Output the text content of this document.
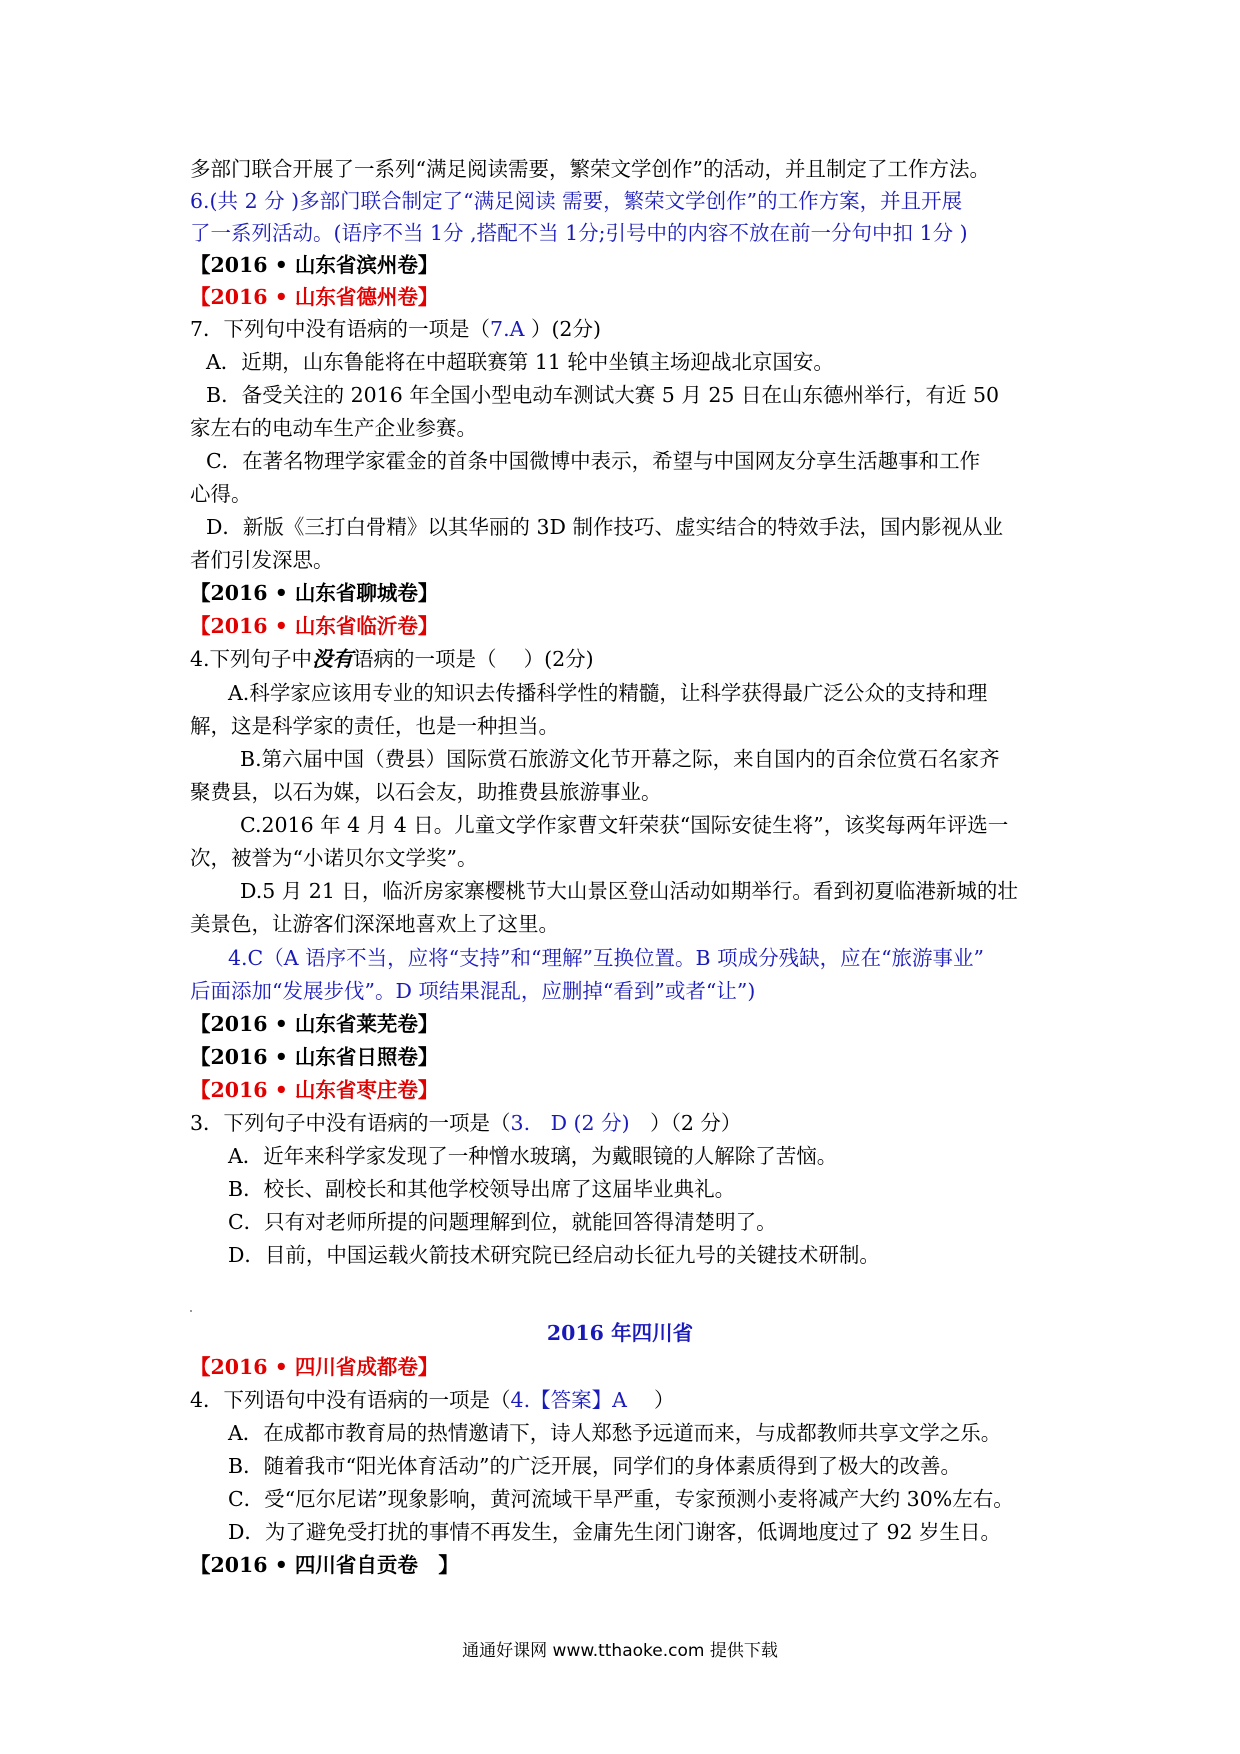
多部门联合开展了一系列“满足阅读需要，繁荣文学创作”的活动，并且制定了工作方法。
6.(共 2 分 )多部门联合制定了“满足阅读 需要，繁荣文学创作”的工作方案，并且开展
了一系列活动。(语序不当 1分 ,搭配不当 1分;引号中的内容不放在前一分句中扣 1分 )
【2016 • 山东省滨州卷】
【2016 • 山东省德州卷】
7．下列句中没有语病的一项是（7.A ）(2分)
A．近期，山东鲁能将在中超联赛第 11 轮中坐镇主场迎战北京国安。
B．备受关注的 2016 年全国小型电动车测试大赛 5 月 25 日在山东德州举行，有近 50
家左右的电动车生产企业参赛。
C．在著名物理学家霍金的首条中国微博中表示，希望与中国网友分享生活趣事和工作
心得。
D．新版《三打白骨精》以其华丽的 3D 制作技巧、虚实结合的特效手法，国内影视从业
者们引发深思。
【2016 • 山东省聊城卷】
【2016 • 山东省临沂卷】
4.下列句子中没有语病的一项是（　 ）(2分)
A.科学家应该用专业的知识去传播科学性的精髓，让科学获得最广泛公众的支持和理
解，这是科学家的责任，也是一种担当。
B.第六届中国（费县）国际赏石旅游文化节开幕之际，来自国内的百余位赏石名家齐
聚费县，以石为媒，以石会友，助推费县旅游事业。
C.2016 年 4 月 4 日。儿童文学作家曹文轩荣获“国际安徒生将”，该奖每两年评选一
次，被誉为“小诺贝尔文学奖”。
D.5 月 21 日，临沂房家寨樱桃节大山景区登山活动如期举行。看到初夏临港新城的壮
美景色，让游客们深深地喜欢上了这里。
4.C（A 语序不当，应将“支持”和“理解”互换位置。B 项成分残缺，应在“旅游事业”
后面添加“发展步伐”。D 项结果混乱，应删掉“看到”或者“让”)
【2016 • 山东省莱芜卷】
【2016 • 山东省日照卷】
【2016 • 山东省枣庄卷】
3．下列句子中没有语病的一项是（3.　D (2 分)　）（2 分）
A．近年来科学家发现了一种憎水玻璃，为戴眼镜的人解除了苦恼。
B．校长、副校长和其他学校领导出席了这届毕业典礼。
C．只有对老师所提的问题理解到位，就能回答得清楚明了。
D．目前，中国运载火箭技术研究院已经启动长征九号的关键技术研制。
2016 年四川省
【2016 • 四川省成都卷】
4．下列语句中没有语病的一项是（4.【答案】A　 ）
A．在成都市教育局的热情邀请下，诗人郑愁予远道而来，与成都教师共享文学之乐。
B．随着我市“阳光体育活动”的广泛开展，同学们的身体素质得到了极大的改善。
C．受“厄尔尼诺”现象影响，黄河流域干旱严重，专家预测小麦将减产大约 30%左右。
D．为了避免受打扰的事情不再发生，金庸先生闭门谢客，低调地度过了 92 岁生日。
【2016 • 四川省自贡卷　】
通通好课网 www.tthaoke.com 提供下载
